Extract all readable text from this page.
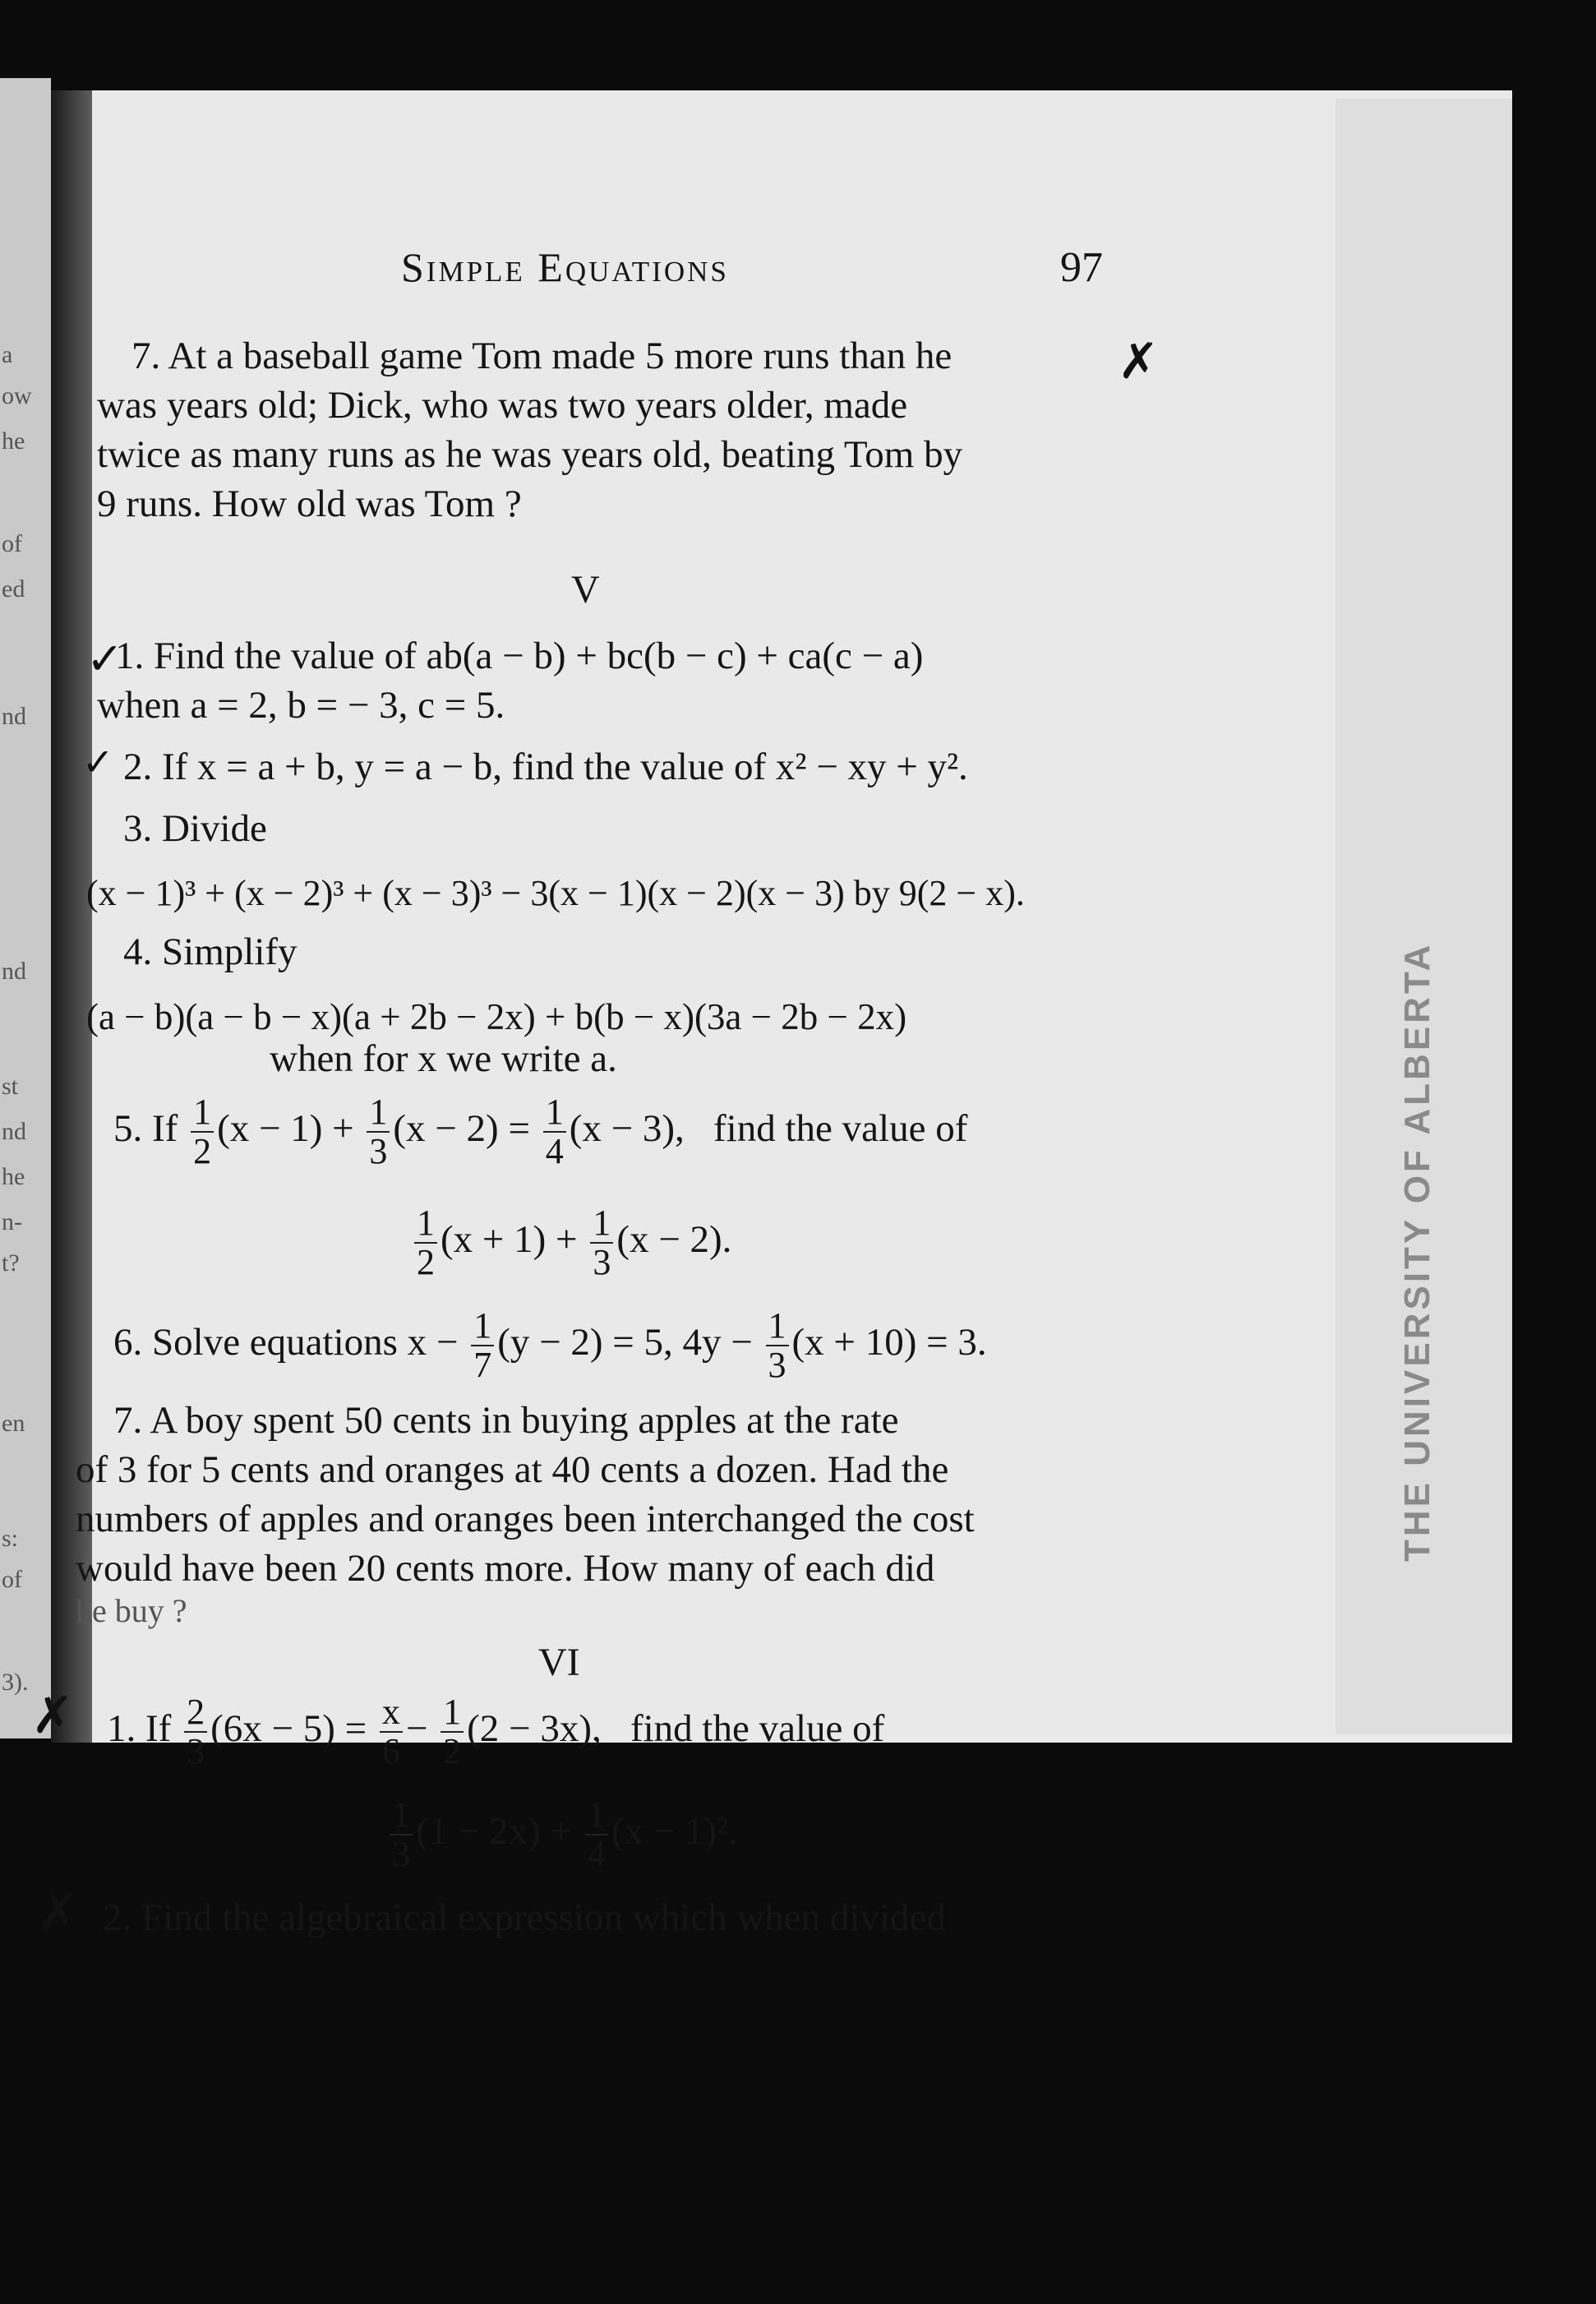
a
ow
he
of
ed
nd
nd
st
nd
he
n-
t?
en
s:
of
3).
THE UNIVERSITY OF ALBERTA
Simple Equations	97
7. At a baseball game Tom made 5 more runs than he
was years old; Dick, who was two years older, made
twice as many runs as he was years old, beating Tom by
9 runs. How old was Tom ?
V
1. Find the value of ab(a − b) + bc(b − c) + ca(c − a)
when a = 2, b = − 3, c = 5.
2. If x = a + b, y = a − b, find the value of x² − xy + y².
3. Divide
(x − 1)³ + (x − 2)³ + (x − 3)³ − 3(x − 1)(x − 2)(x − 3) by 9(2 − x).
4. Simplify
(a − b)(a − b − x)(a + 2b − 2x) + b(b − x)(3a − 2b − 2x)
when for x we write a.
5. If $\frac{1}{2} (x - 1) + \frac{1}{3} (x - 2) = \frac{1}{4} (x - 3)$, find the value of
$\frac{1}{2} (x + 1) + \frac{1}{3} (x - 2)$.
6. Solve equations $x - \frac{1}{7} (y - 2) = 5$, $4y - \frac{1}{3} (x + 10) = 3$.
7. A boy spent 50 cents in buying apples at the rate
of 3 for 5 cents and oranges at 40 cents a dozen. Had the
numbers of apples and oranges been interchanged the cost
would have been 20 cents more. How many of each did
he buy ?
VI
1. If $\frac{2}{3} (6x - 5) = \frac{x}{6} - \frac{1}{2} (2 - 3x)$, find the value of
$\frac{1}{3} (1 - 2x) + \frac{1}{4} (x - 1)^2$.
2. Find the algebraical expression which when divided
✗
✓
✓
✗
✗
